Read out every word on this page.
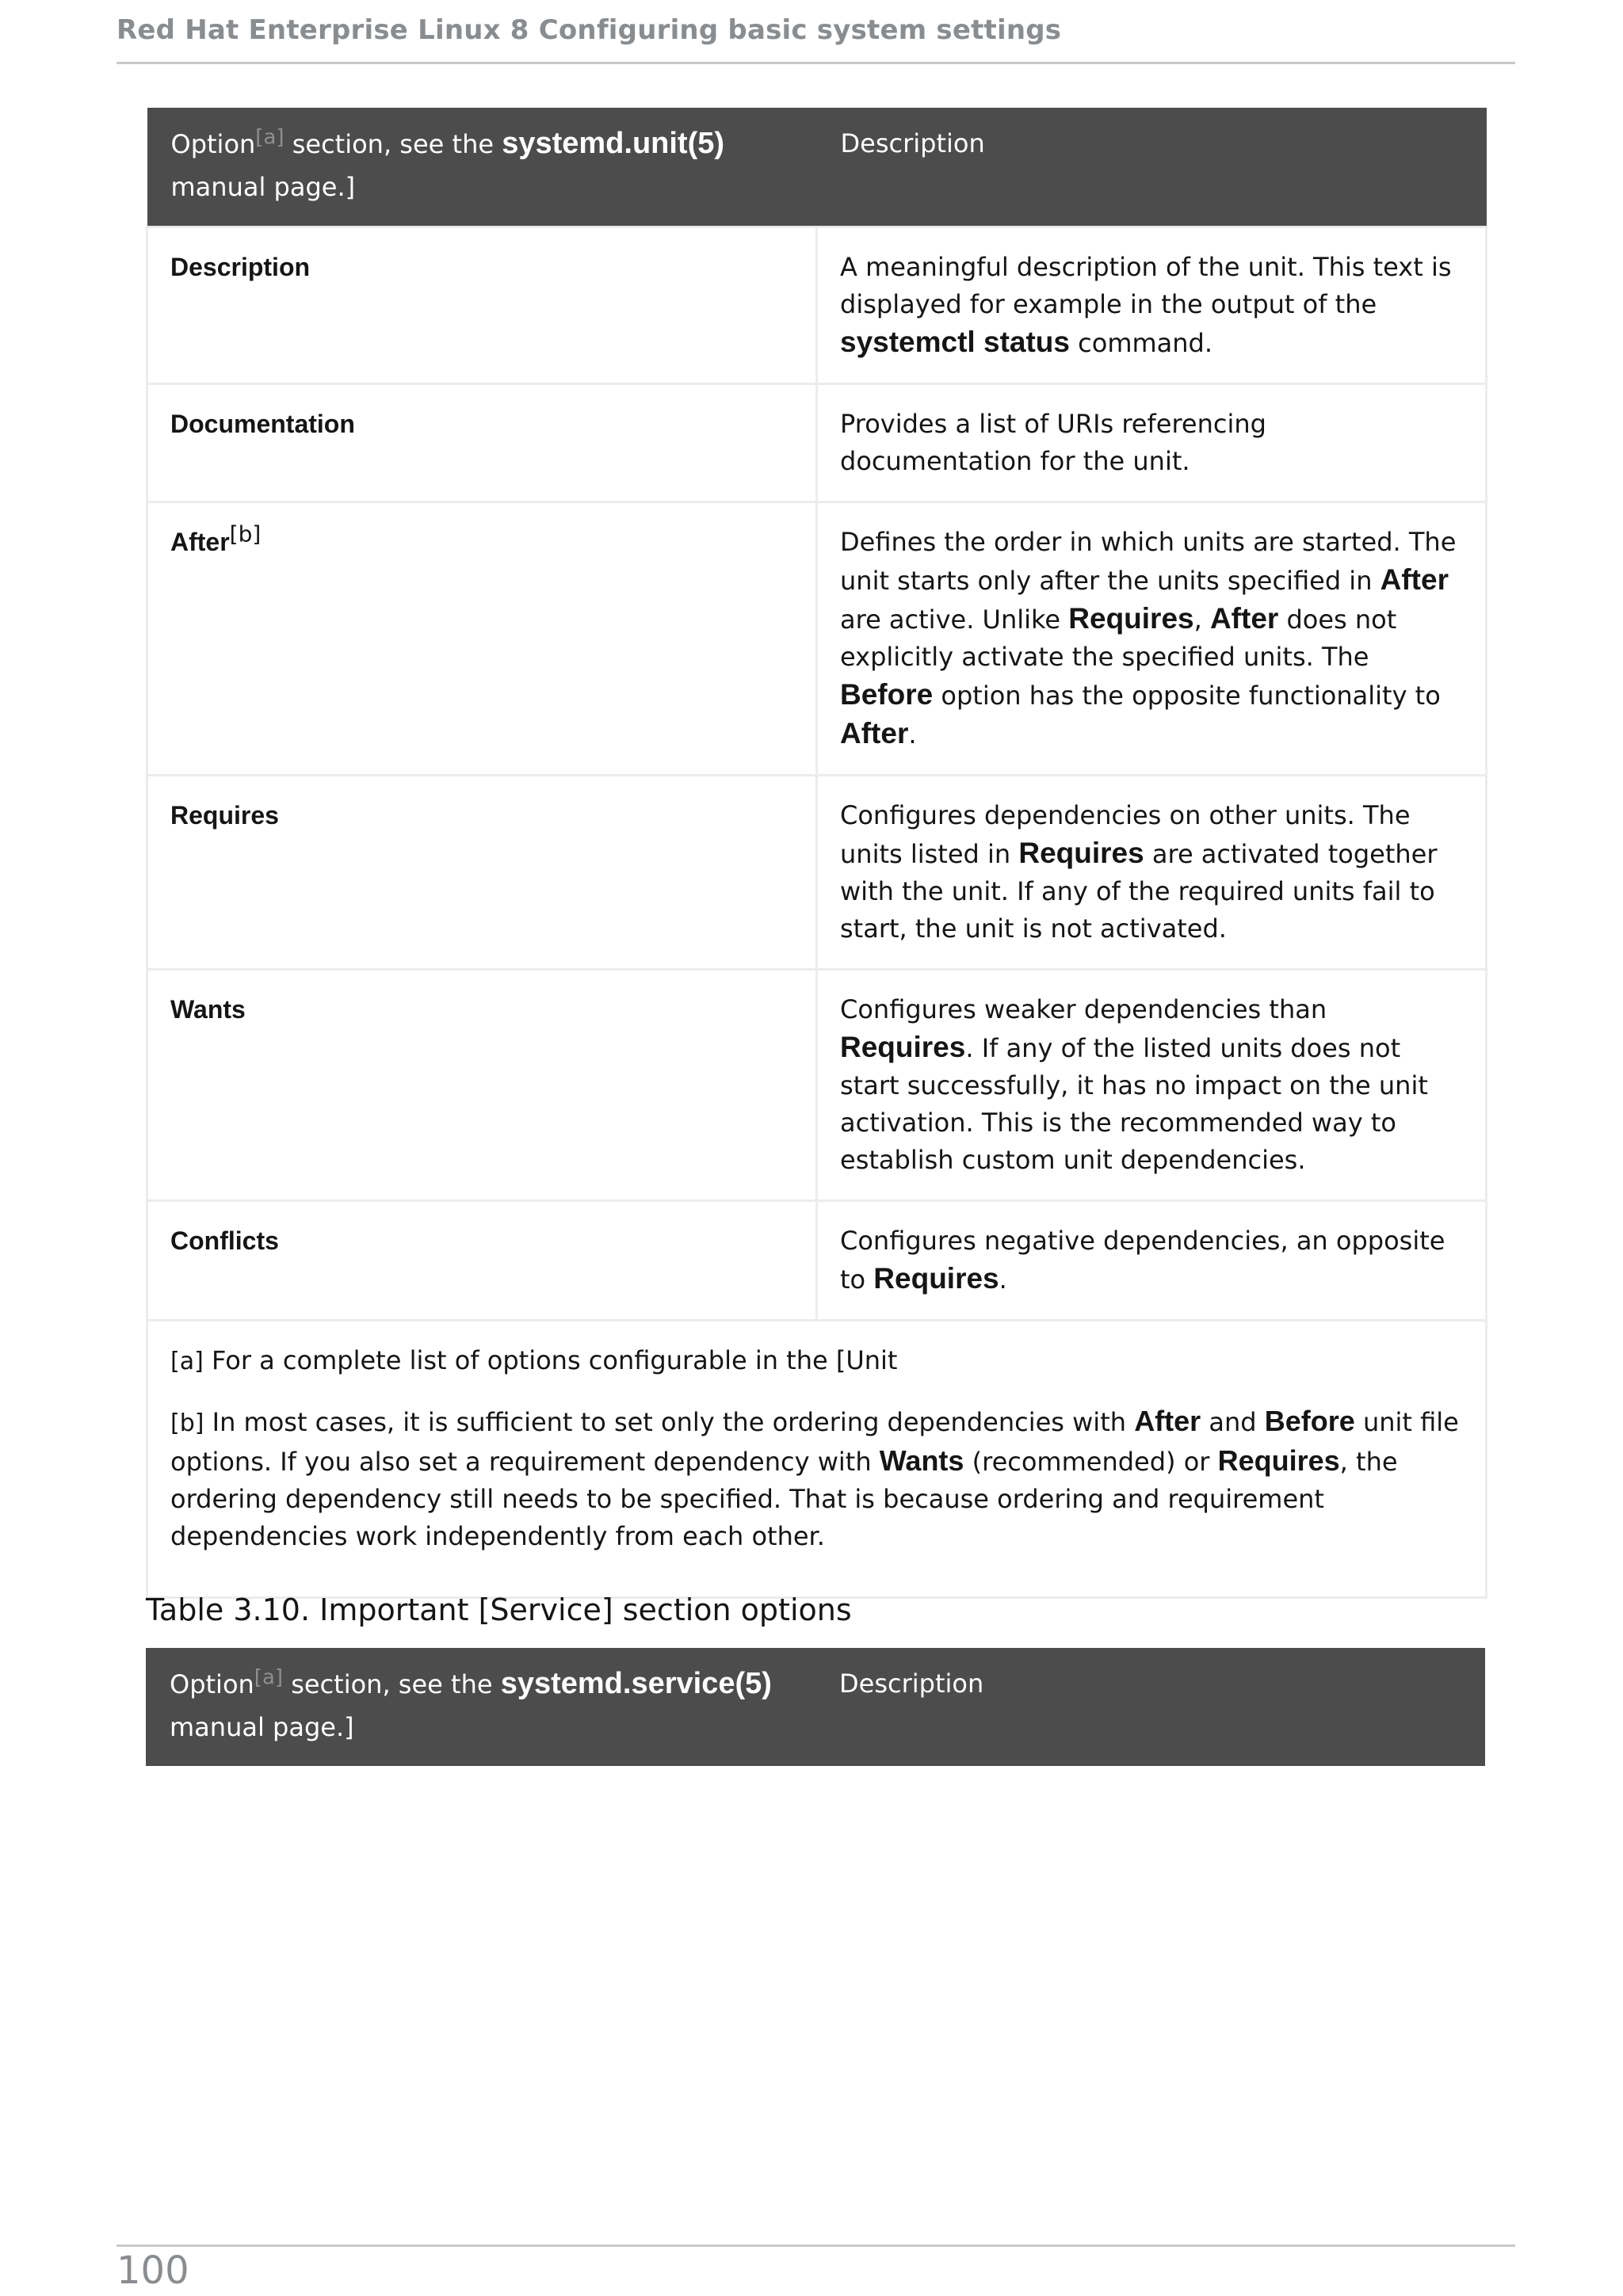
Red Hat Enterprise Linux 8 Configuring basic system settings
Option[a] section, see the systemd.unit(5)
manual page.]	Description
Description	A meaningful description of the unit. This text is displayed for example in the output of the systemctl status command.
Documentation	Provides a list of URIs referencing documentation for the unit.
After[b]	Defines the order in which units are started. The unit starts only after the units specified in After are active. Unlike Requires, After does not explicitly activate the specified units. The Before option has the opposite functionality to After.
Requires	Configures dependencies on other units. The units listed in Requires are activated together with the unit. If any of the required units fail to start, the unit is not activated.
Wants	Configures weaker dependencies than Requires. If any of the listed units does not start successfully, it has no impact on the unit activation. This is the recommended way to establish custom unit dependencies.
Conflicts	Configures negative dependencies, an opposite to Requires.

[a] For a complete list of options configurable in the [Unit
[b] In most cases, it is sufficient to set only the ordering dependencies with After and Before unit file options. If you also set a requirement dependency with Wants (recommended) or Requires, the ordering dependency still needs to be specified. That is because ordering and requirement dependencies work independently from each other.	
Table 3.10. Important [Service] section options
Option[a] section, see the systemd.service(5)
manual page.]	Description
100
